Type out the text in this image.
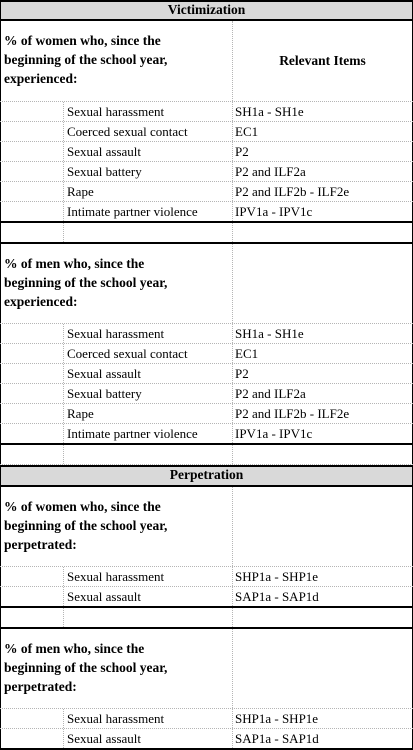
Victimization
% of women who, since the
beginning of the school year,
experienced:
Relevant Items
Sexual harassment	SH1a - SH1e
Coerced sexual contact	EC1
Sexual assault	P2
Sexual battery	P2 and ILF2a
Rape	P2 and ILF2b - ILF2e
Intimate partner violence	IPV1a - IPV1c
% of men who, since the
beginning of the school year,
experienced:
Sexual harassment	SH1a - SH1e
Coerced sexual contact	EC1
Sexual assault	P2
Sexual battery	P2 and ILF2a
Rape	P2 and ILF2b - ILF2e
Intimate partner violence	IPV1a - IPV1c
Perpetration
% of women who, since the
beginning of the school year,
perpetrated:
Sexual harassment	SHP1a - SHP1e
Sexual assault	SAP1a - SAP1d
% of men who, since the
beginning of the school year,
perpetrated:
Sexual harassment	SHP1a - SHP1e
Sexual assault	SAP1a - SAP1d
